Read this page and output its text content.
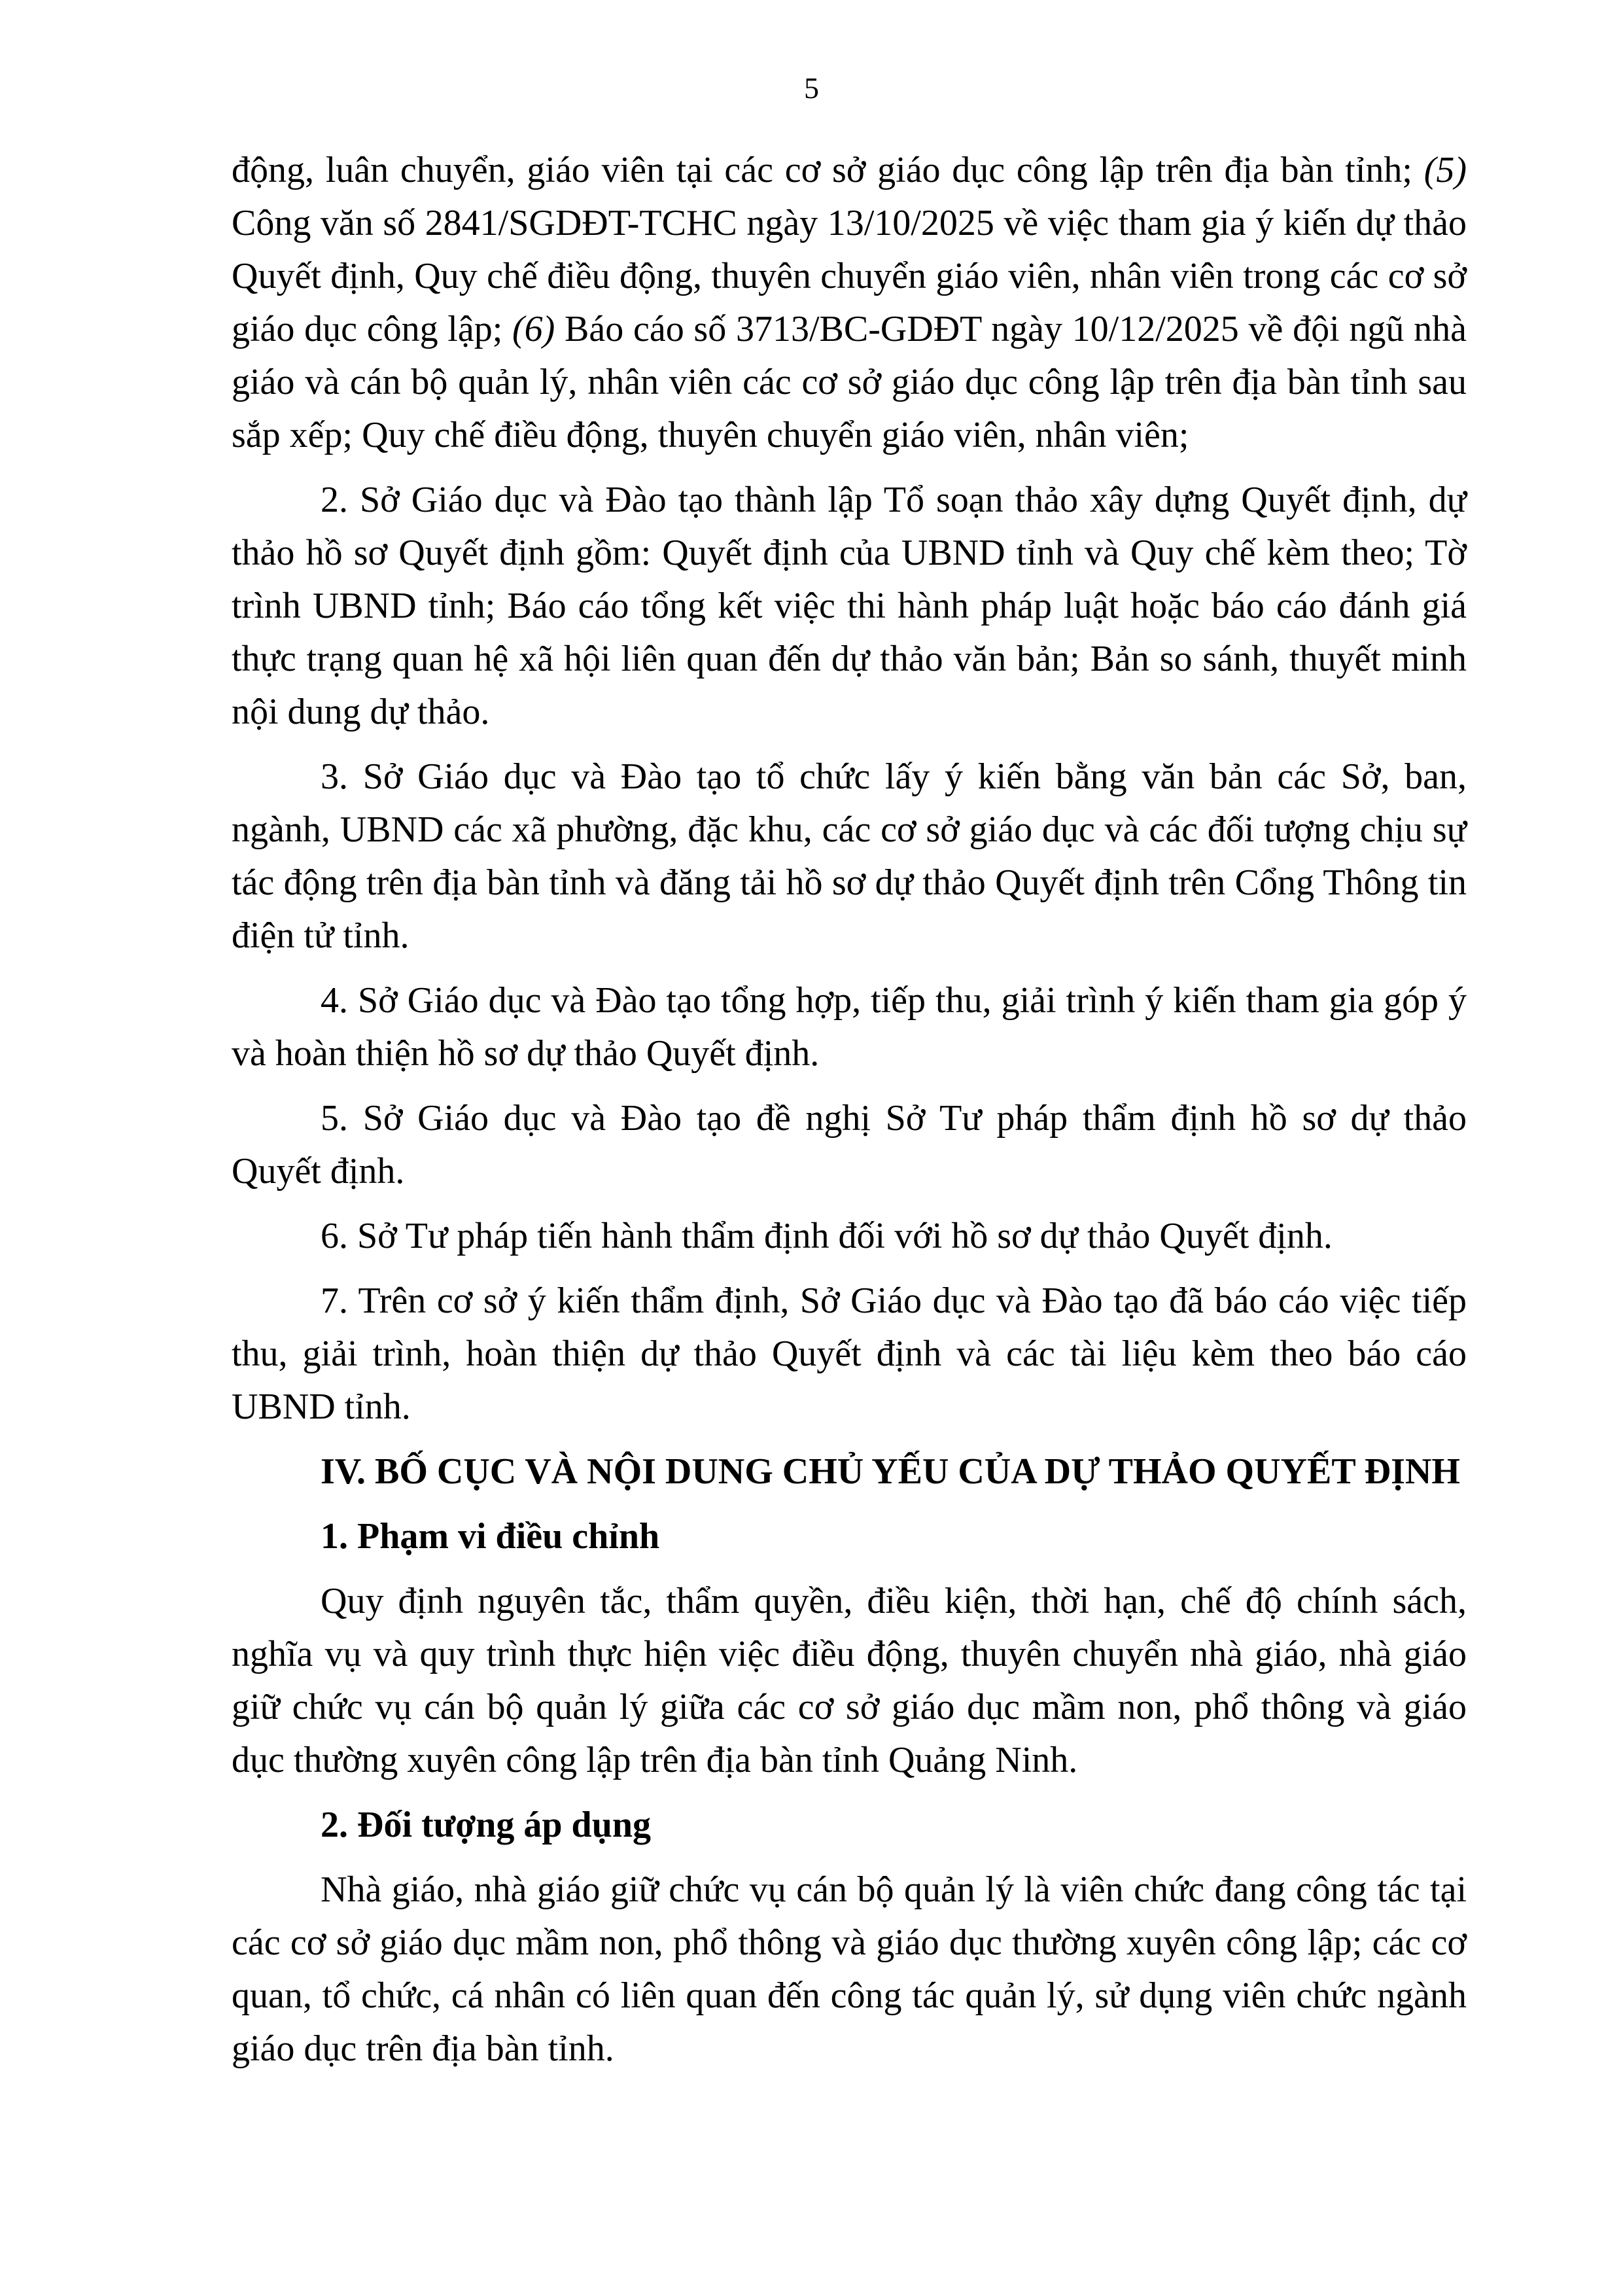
5

động, luân chuyển, giáo viên tại các cơ sở giáo dục công lập trên địa bàn tỉnh; (5) Công văn số 2841/SGDĐT-TCHC ngày 13/10/2025 về việc tham gia ý kiến dự thảo Quyết định, Quy chế điều động, thuyên chuyển giáo viên, nhân viên trong các cơ sở giáo dục công lập; (6) Báo cáo số 3713/BC-GDĐT ngày 10/12/2025 về đội ngũ nhà giáo và cán bộ quản lý, nhân viên các cơ sở giáo dục công lập trên địa bàn tỉnh sau sắp xếp; Quy chế điều động, thuyên chuyển giáo viên, nhân viên;

2. Sở Giáo dục và Đào tạo thành lập Tổ soạn thảo xây dựng Quyết định, dự thảo hồ sơ Quyết định gồm: Quyết định của UBND tỉnh và Quy chế kèm theo; Tờ trình UBND tỉnh; Báo cáo tổng kết việc thi hành pháp luật hoặc báo cáo đánh giá thực trạng quan hệ xã hội liên quan đến dự thảo văn bản; Bản so sánh, thuyết minh nội dung dự thảo.

3. Sở Giáo dục và Đào tạo tổ chức lấy ý kiến bằng văn bản các Sở, ban, ngành, UBND các xã phường, đặc khu, các cơ sở giáo dục và các đối tượng chịu sự tác động trên địa bàn tỉnh và đăng tải hồ sơ dự thảo Quyết định trên Cổng Thông tin điện tử tỉnh.

4. Sở Giáo dục và Đào tạo tổng hợp, tiếp thu, giải trình ý kiến tham gia góp ý và hoàn thiện hồ sơ dự thảo Quyết định.

5. Sở Giáo dục và Đào tạo đề nghị Sở Tư pháp thẩm định hồ sơ dự thảo Quyết định.

6. Sở Tư pháp tiến hành thẩm định đối với hồ sơ dự thảo Quyết định.

7. Trên cơ sở ý kiến thẩm định, Sở Giáo dục và Đào tạo đã báo cáo việc tiếp thu, giải trình, hoàn thiện dự thảo Quyết định và các tài liệu kèm theo báo cáo UBND tỉnh.

IV. BỐ CỤC VÀ NỘI DUNG CHỦ YẾU CỦA DỰ THẢO QUYẾT ĐỊNH

1. Phạm vi điều chỉnh

Quy định nguyên tắc, thẩm quyền, điều kiện, thời hạn, chế độ chính sách, nghĩa vụ và quy trình thực hiện việc điều động, thuyên chuyển nhà giáo, nhà giáo giữ chức vụ cán bộ quản lý giữa các cơ sở giáo dục mầm non, phổ thông và giáo dục thường xuyên công lập trên địa bàn tỉnh Quảng Ninh.

2. Đối tượng áp dụng

Nhà giáo, nhà giáo giữ chức vụ cán bộ quản lý là viên chức đang công tác tại các cơ sở giáo dục mầm non, phổ thông và giáo dục thường xuyên công lập; các cơ quan, tổ chức, cá nhân có liên quan đến công tác quản lý, sử dụng viên chức ngành giáo dục trên địa bàn tỉnh.
